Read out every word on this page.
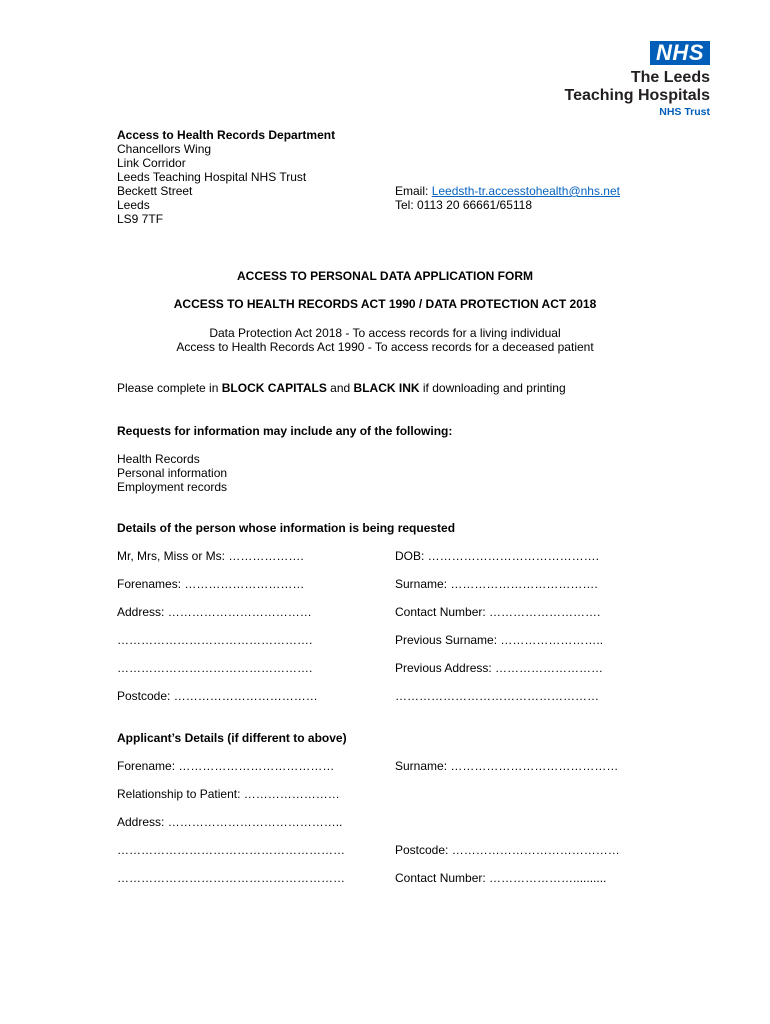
NHS
The Leeds
Teaching Hospitals
NHS Trust
Access to Health Records Department
Chancellors Wing
Link Corridor
Leeds Teaching Hospital NHS Trust
Beckett Street
Leeds
LS9 7TF
Email: Leedsth-tr.accesstohealth@nhs.net
Tel: 0113 20 66661/65118
ACCESS TO PERSONAL DATA APPLICATION FORM
ACCESS TO HEALTH RECORDS ACT 1990 / DATA PROTECTION ACT 2018
Data Protection Act 2018 - To access records for a living individual
Access to Health Records Act 1990 - To access records for a deceased patient
Please complete in BLOCK CAPITALS and BLACK INK if downloading and printing
Requests for information may include any of the following:
Health Records
Personal information
Employment records
Details of the person whose information is being requested
Mr, Mrs, Miss or Ms: ……………….	DOB: …………………………………….
Forenames: …………………………	Surname: ……………………………….
Address: ………………………………	Contact Number: ……………………….
………………………………………….	Previous Surname: ……………………..
………………………………………….	Previous Address: ………………………
Postcode: ………………………………	……………………………………………
Applicant’s Details (if different to above)
Forename: …………………………………	Surname: ……………………………………
Relationship to Patient: ……………………
Address: ……………………………………..
…………………………………………………	Postcode: ……………………………………
…………………………………………………	Contact Number: …………………..........
